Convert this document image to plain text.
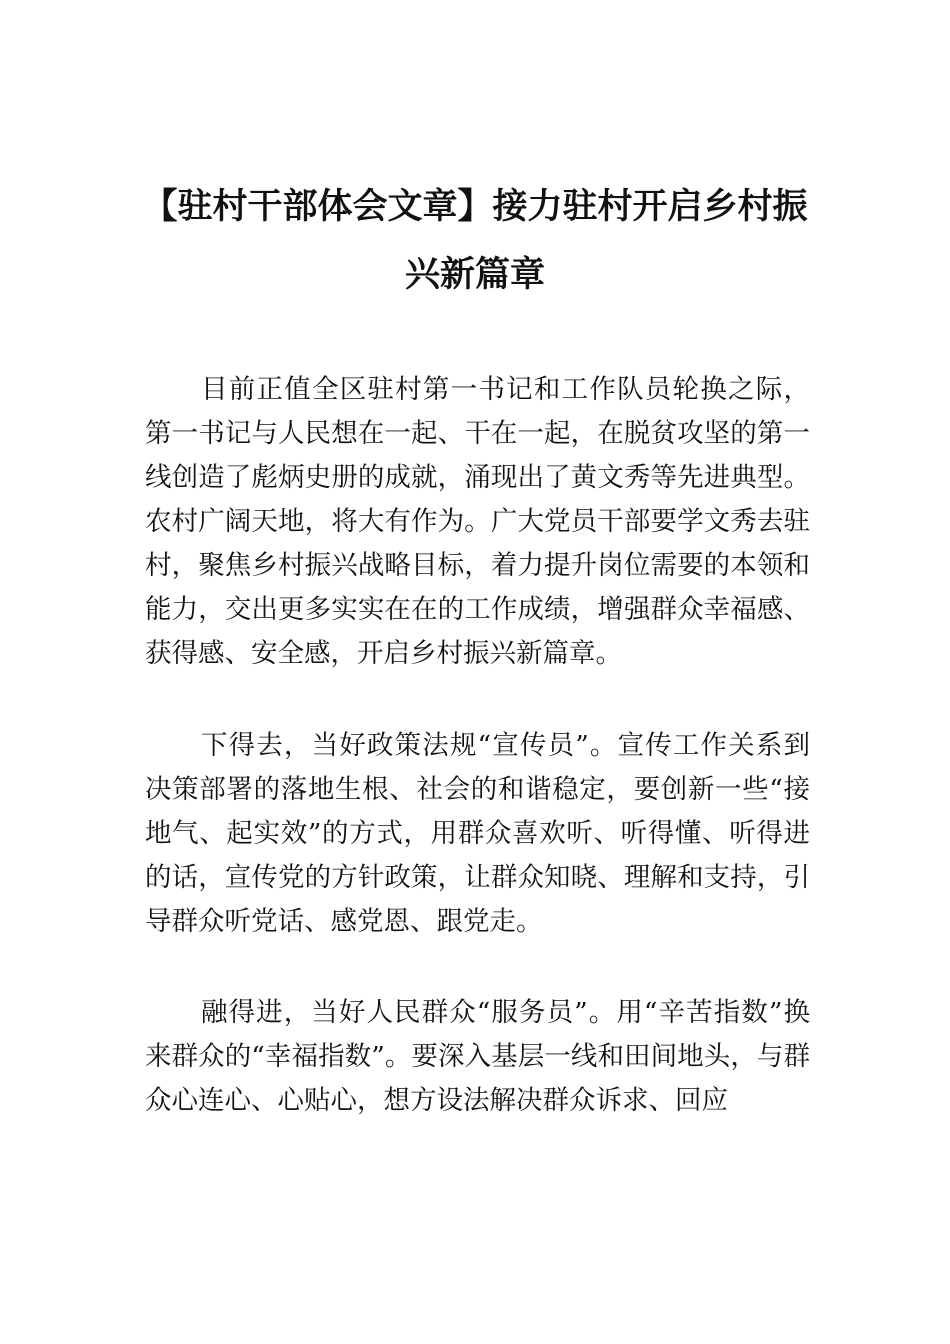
【驻村干部体会文章】接力驻村开启乡村振兴新篇章

目前正值全区驻村第一书记和工作队员轮换之际，第一书记与人民想在一起、干在一起，在脱贫攻坚的第一线创造了彪炳史册的成就，涌现出了黄文秀等先进典型。农村广阔天地，将大有作为。广大党员干部要学文秀去驻村，聚焦乡村振兴战略目标，着力提升岗位需要的本领和能力，交出更多实实在在的工作成绩，增强群众幸福感、获得感、安全感，开启乡村振兴新篇章。

下得去，当好政策法规“宣传员”。宣传工作关系到决策部署的落地生根、社会的和谐稳定，要创新一些“接地气、起实效”的方式，用群众喜欢听、听得懂、听得进的话，宣传党的方针政策，让群众知晓、理解和支持，引导群众听党话、感党恩、跟党走。

融得进，当好人民群众“服务员”。用“辛苦指数”换来群众的“幸福指数”。要深入基层一线和田间地头，与群众心连心、心贴心，想方设法解决群众诉求、回应
